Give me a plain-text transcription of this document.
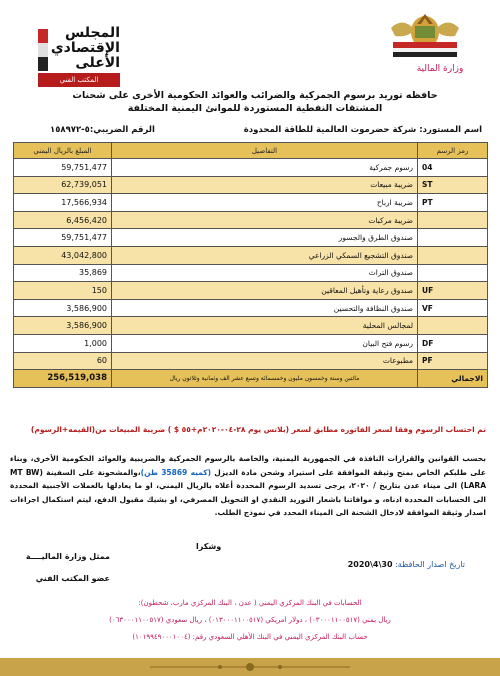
وزارة المالية
المجلس
الإقتصادي
الأعلى
المكتب الفني
حافظه توريد برسوم الجمركية والضرائب والعوائد الحكومية الأخرى على شحنات
المشتقات النفطية المستوردة للموانئ اليمنية المختلفة
اسم المستورد: شركة حضرموت العالمية للطاقة المحدودة
الرقم الضريبي:٥-١٥٨٩٧٢
المبلغ بالريال اليمني	التفاصيل	رمز الرسم
59,751,477	رسوم جمركية	04
62,739,051	ضريبة مبيعات	ST
17,566,934	ضريبة ارباح	PT
6,456,420	ضريبة مركبات	
59,751,477	صندوق الطرق والجسور	
43,042,800	صندوق التشجيع السمكي الزراعي	
35,869	صندوق التراث	
150	صندوق رعاية وتأهيل المعاقين	UF
3,586,900	صندوق النظافة والتحسين	VF
3,586,900	لمجالس المحلية	
1,000	رسوم فتح البيان	DF
60	مطبوعات	PF
256,519,038	مائتين وستة وخمسون مليون وخمسمائة وتسع عشر الف وثمانية وثلاثون ريال	الاجمالي
تم احتساب الرسوم وفقا لسعر الفاتوره مطابق لسعر (بلاتس يوم ٢٨-٠٤-٢٠٢٠م+٥٥ $ ) ضريبة المبيعات من(القيمه+الرسوم)
بحسب القوانين والقرارات النافذة في الجمهورية اليمنية، والخاصة بالرسوم الجمركية والضريبية والعوائد الحكومية الأخرى، وبناء على طلبكم الخاص بمنح وثيقة الموافقة على استيراد وشحن مادة الديزل (كميه 35869 طن)،والمشحونة على السفينة (MT BW LARA) الى ميناء عدن بتاريخ / ٢٠٢٠، يرجى تسديد الرسوم المحددة أعلاه بالريال اليمني، او ما يعادلها بالعملات الأجنبية المحددة الى الحسابات المحددة ادناه، و موافاتنا باشعار التوريد النقدي او التحويل المصرفي، او بشيك مقبول الدفع، ليتم استكمال اجراءات اصدار وثيقة الموافقة لادخال الشحنة الى الميناء المحدد في نموذج الطلب.
وشكرا
ممثل وزارة الماليــــة
عضو المكتب الفني
تاريخ اصدار الحافظة: 30\4\2020
الحسابات في البنك المركزي اليمني ( عدن ، البنك المركزي مارب، شحطون):
ريال يمني (٠٣٠٠٠١١٠٠٥١٧) ، دولار امريكي (٠١٣٠٠٠١١٠٠٥١٧) ، ريال سعودي (٠٦٣٠٠٠١١٠٠٥١٧)
حساب البنك المركزي اليمني في البنك الأهلي السعودي رقم: (١٠١٩٩٤٩٠٠٠١٠٠٤)
